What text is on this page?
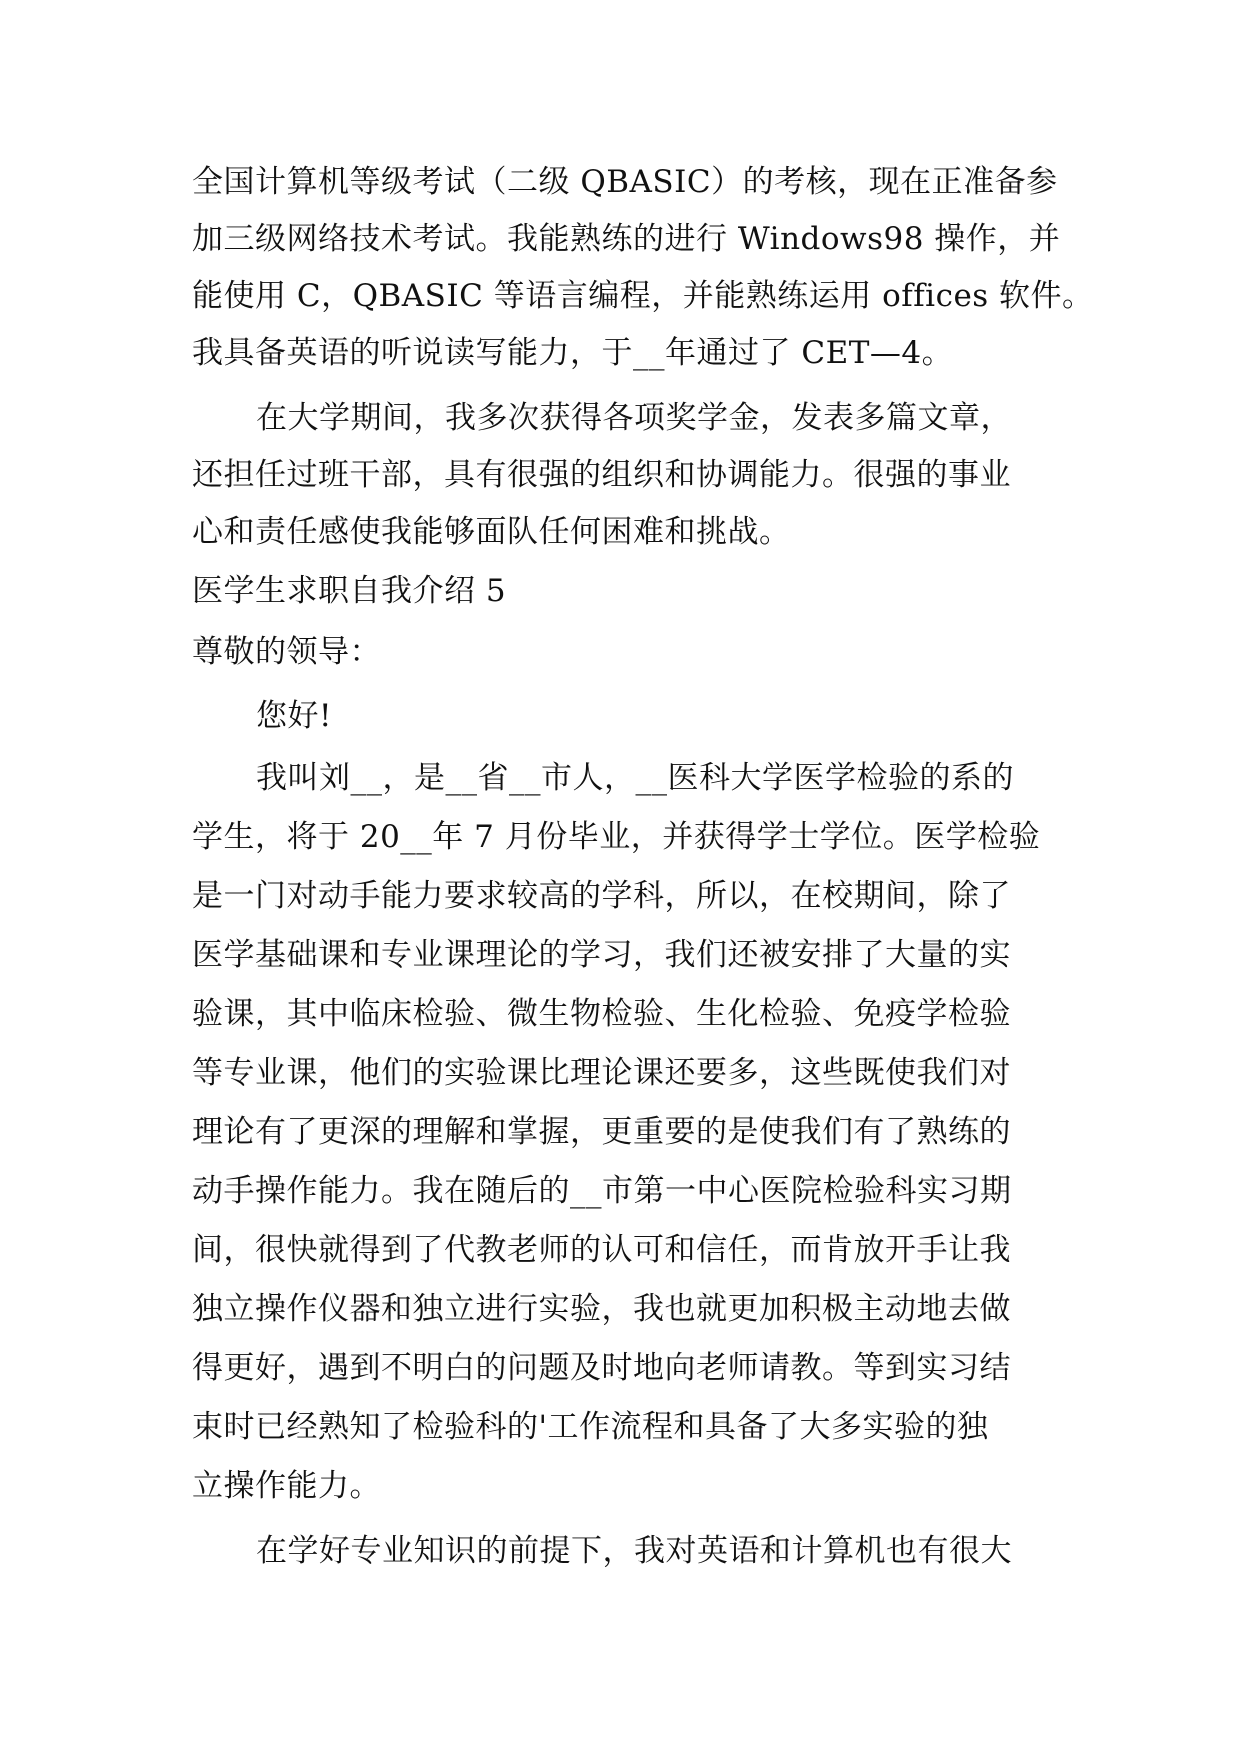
全国计算机等级考试（二级 QBASIC）的考核，现在正准备参

加三级网络技术考试。我能熟练的进行 Windows98 操作，并

能使用 C，QBASIC 等语言编程，并能熟练运用 offices 软件。

我具备英语的听说读写能力，于__年通过了 CET—4。

在大学期间，我多次获得各项奖学金，发表多篇文章，

还担任过班干部，具有很强的组织和协调能力。很强的事业

心和责任感使我能够面队任何困难和挑战。

医学生求职自我介绍 5

尊敬的领导：

您好!

我叫刘__，是__省__市人，__医科大学医学检验的系的

学生，将于 20__年 7 月份毕业，并获得学士学位。医学检验

是一门对动手能力要求较高的学科，所以，在校期间，除了

医学基础课和专业课理论的学习，我们还被安排了大量的实

验课，其中临床检验、微生物检验、生化检验、免疫学检验

等专业课，他们的实验课比理论课还要多，这些既使我们对

理论有了更深的理解和掌握，更重要的是使我们有了熟练的

动手操作能力。我在随后的__市第一中心医院检验科实习期

间，很快就得到了代教老师的认可和信任，而肯放开手让我

独立操作仪器和独立进行实验，我也就更加积极主动地去做

得更好，遇到不明白的问题及时地向老师请教。等到实习结

束时已经熟知了检验科的'工作流程和具备了大多实验的独

立操作能力。

在学好专业知识的前提下，我对英语和计算机也有很大
